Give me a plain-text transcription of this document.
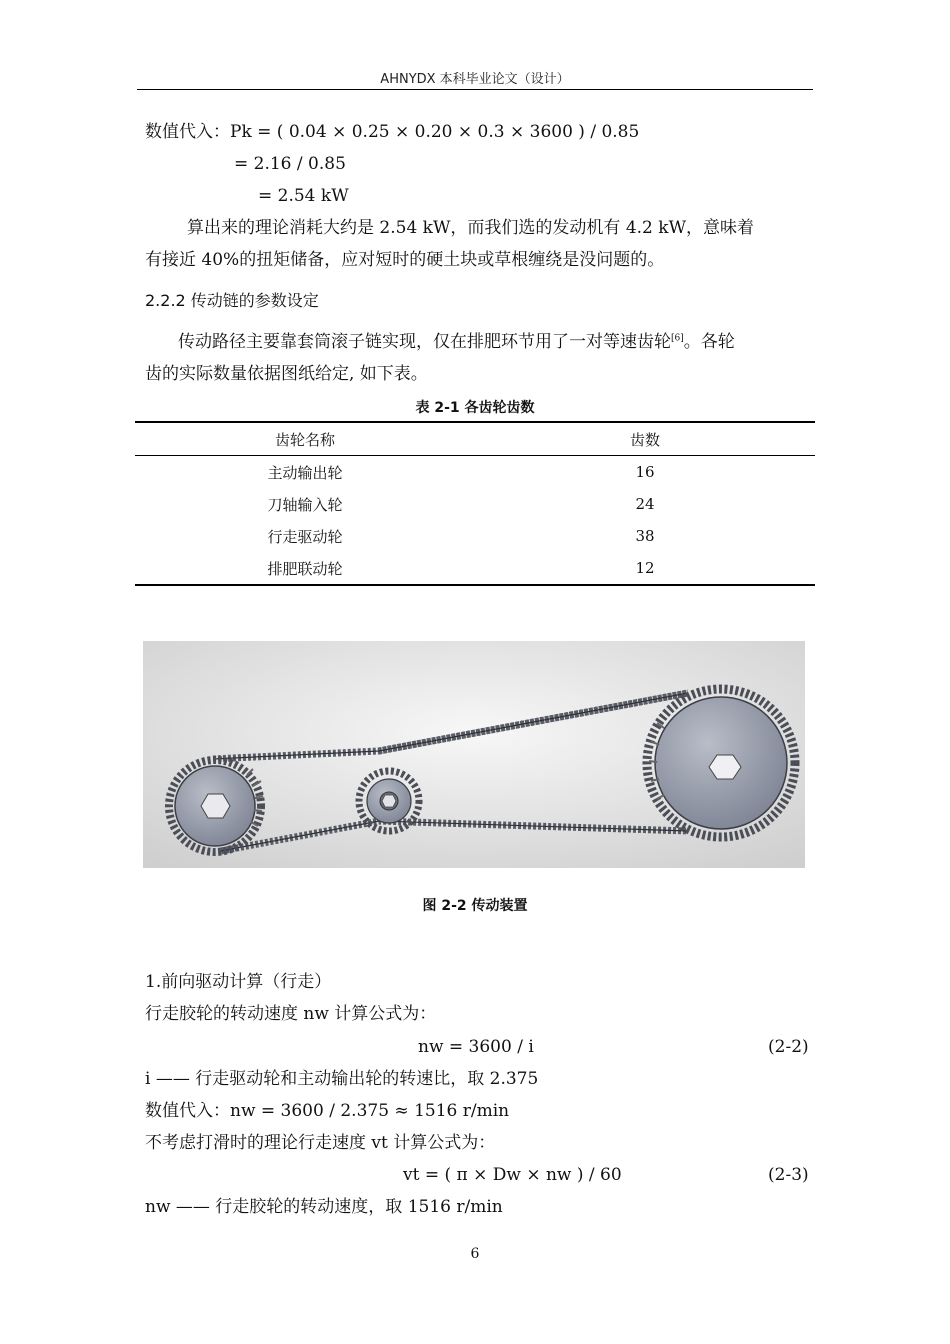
AHNYDX 本科毕业论文（设计）
数值代入：Pk = ( 0.04 × 0.25 × 0.20 × 0.3 × 3600 ) / 0.85
= 2.16 / 0.85
= 2.54 kW
算出来的理论消耗大约是 2.54 kW，而我们选的发动机有 4.2 kW，意味着
有接近 40%的扭矩储备，应对短时的硬土块或草根缠绕是没问题的。
2.2.2 传动链的参数设定
传动路径主要靠套筒滚子链实现，仅在排肥环节用了一对等速齿轮[6]。各轮
齿的实际数量依据图纸给定, 如下表。
表 2-1 各齿轮齿数
齿轮名称	齿数
主动输出轮	16
刀轴输入轮	24
行走驱动轮	38
排肥联动轮	12
图 2-2 传动装置
1.前向驱动计算（行走）
行走胶轮的转动速度 nw 计算公式为：
nw = 3600 / i	(2-2)
i —— 行走驱动轮和主动输出轮的转速比，取 2.375
数值代入：nw = 3600 / 2.375 ≈ 1516 r/min
不考虑打滑时的理论行走速度 vt 计算公式为：
vt = ( π × Dw × nw ) / 60	(2-3)
nw —— 行走胶轮的转动速度，取 1516 r/min
6
